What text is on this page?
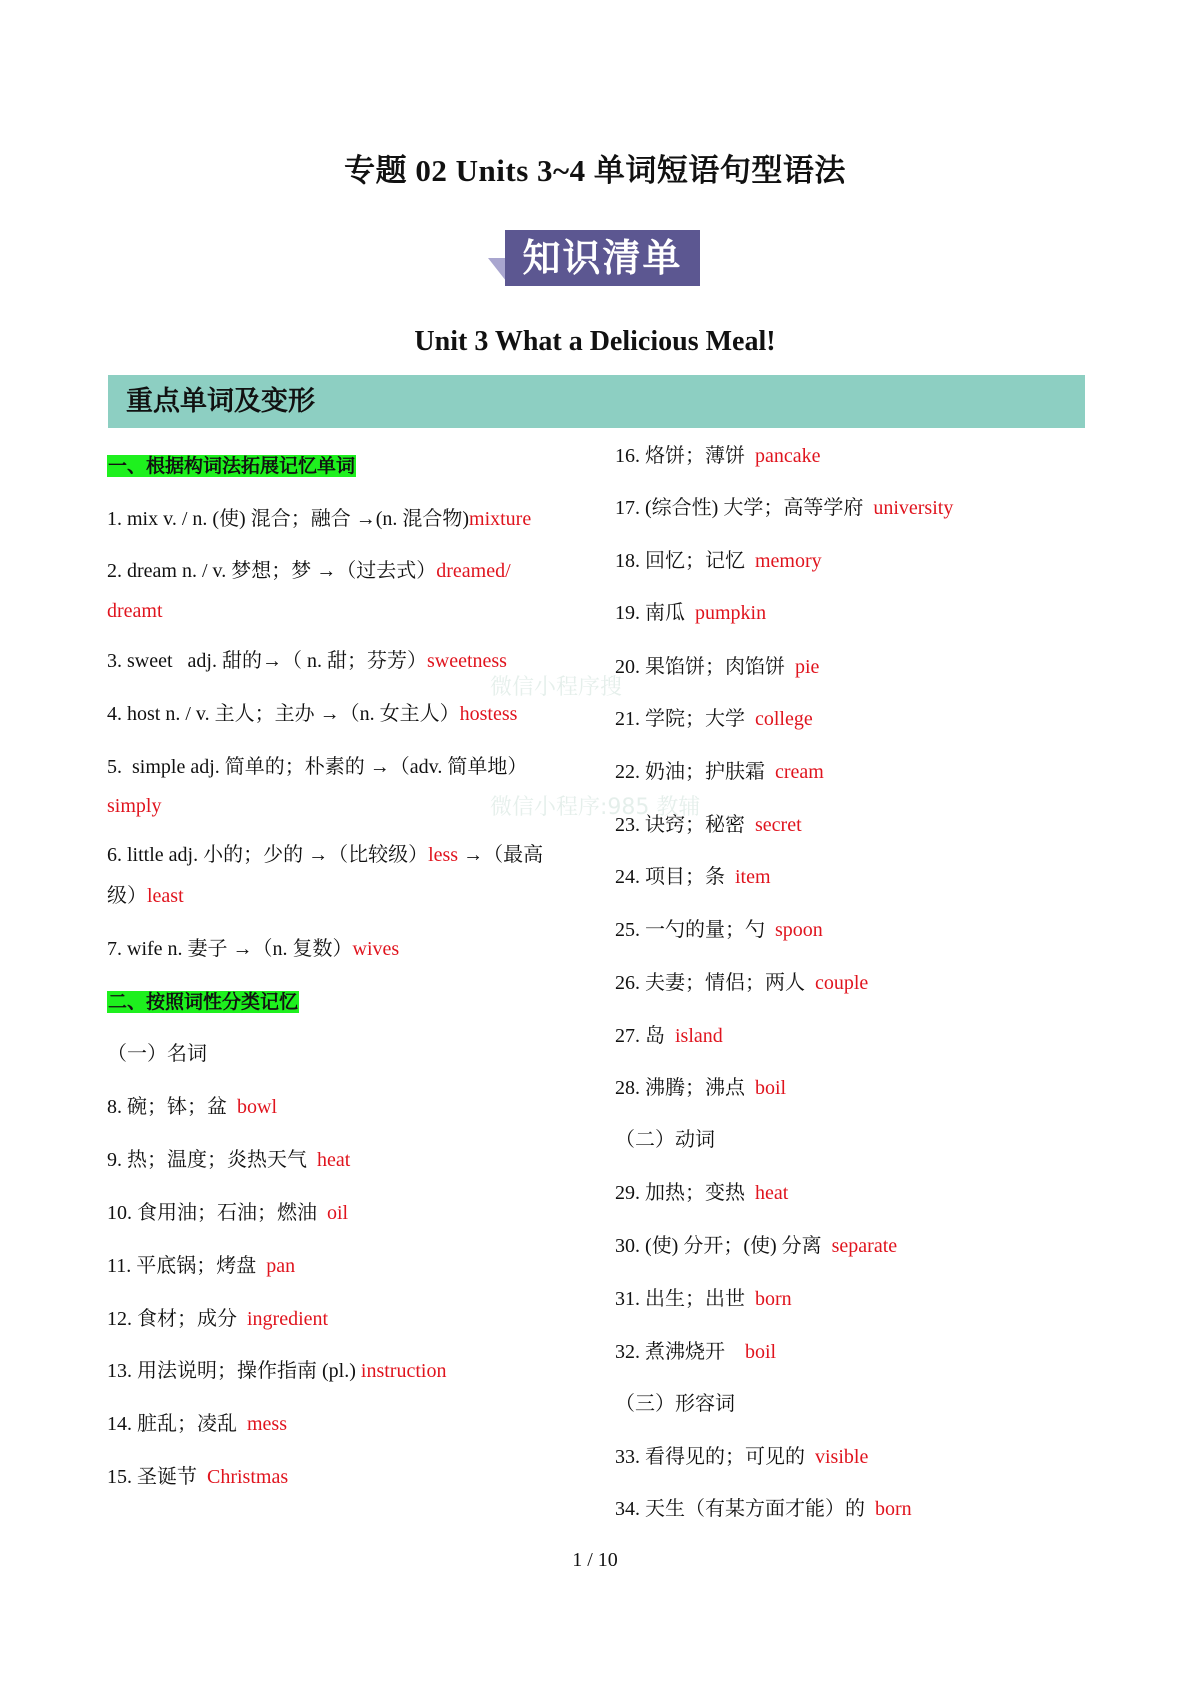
微信小程序搜
微信小程序:985 教辅
专题 02 Units 3~4 单词短语句型语法
知识清单
Unit 3 What a Delicious Meal!
重点单词及变形
一、根据构词法拓展记忆单词
1. mix v. / n. (使) 混合；融合 →(n. 混合物)mixture
2. dream n. / v. 梦想；梦 →（过去式）dreamed/
dreamt
3. sweet   adj. 甜的→（ n. 甜；芬芳）sweetness
4. host n. / v. 主人；主办 →（n. 女主人）hostess
5.  simple adj. 简单的；朴素的 →（adv. 简单地）
simply
6. little adj. 小的；少的 →（比较级）less →（最高
级）least
7. wife n. 妻子 →（n. 复数）wives
二、按照词性分类记忆
（一）名词
8. 碗；钵；盆  bowl
9. 热；温度；炎热天气  heat
10. 食用油；石油；燃油  oil
11. 平底锅；烤盘  pan
12. 食材；成分  ingredient
13. 用法说明；操作指南 (pl.) instruction
14. 脏乱；凌乱  mess
15. 圣诞节  Christmas
16. 烙饼；薄饼  pancake
17. (综合性) 大学；高等学府  university
18. 回忆；记忆  memory
19. 南瓜  pumpkin
20. 果馅饼；肉馅饼  pie
21. 学院；大学  college
22. 奶油；护肤霜  cream
23. 诀窍；秘密  secret
24. 项目；条  item
25. 一勺的量；勺  spoon
26. 夫妻；情侣；两人  couple
27. 岛  island
28. 沸腾；沸点  boil
（二）动词
29. 加热；变热  heat
30. (使) 分开；(使) 分离  separate
31. 出生；出世  born
32. 煮沸烧开    boil
（三）形容词
33. 看得见的；可见的  visible
34. 天生（有某方面才能）的  born
1 / 10
